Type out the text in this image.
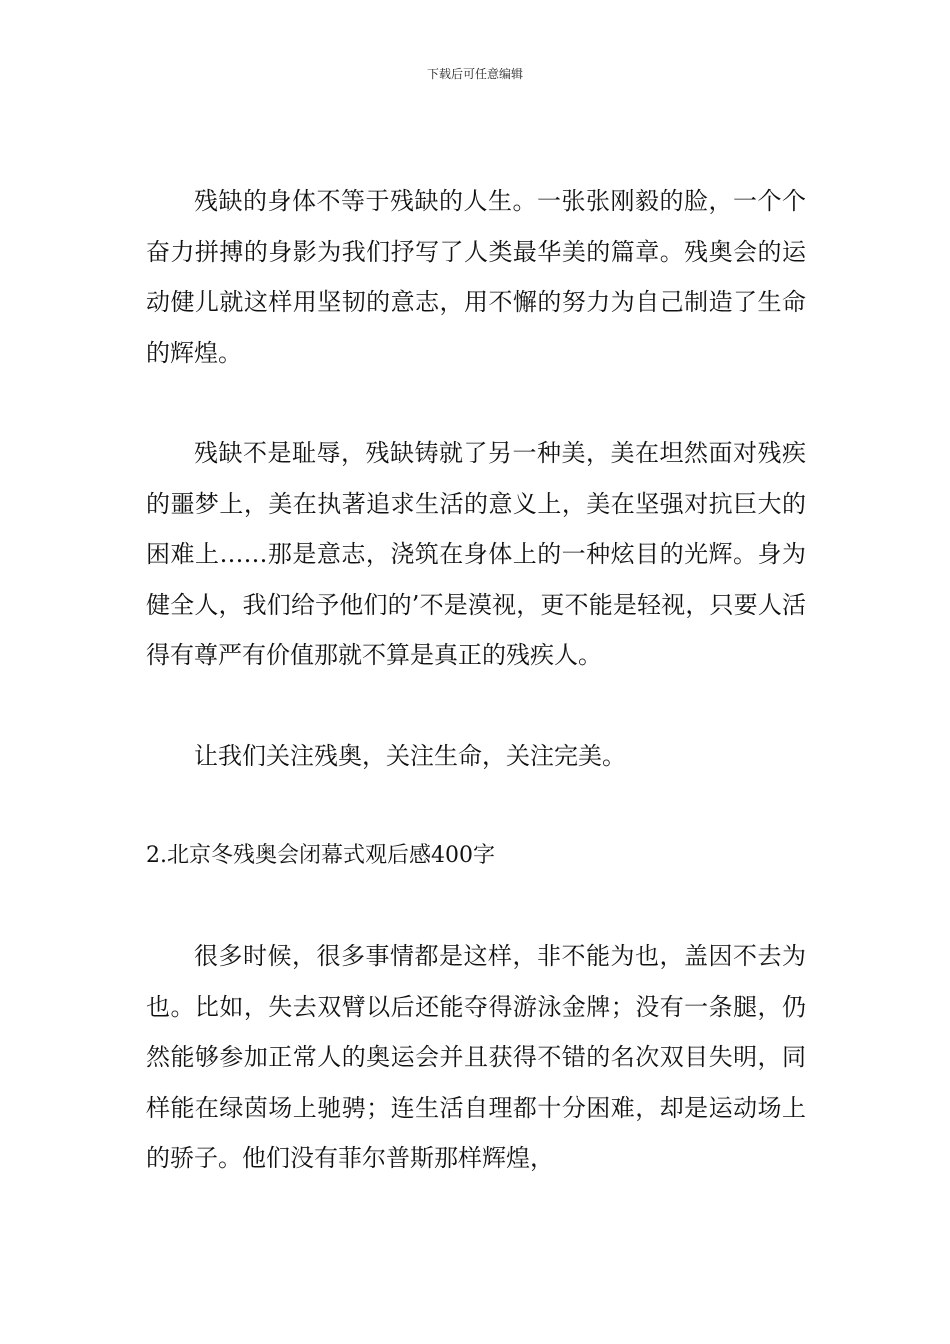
下载后可任意编辑

残缺的身体不等于残缺的人生。一张张刚毅的脸，一个个奋力拼搏的身影为我们抒写了人类最华美的篇章。残奥会的运动健儿就这样用坚韧的意志，用不懈的努力为自己制造了生命的辉煌。

残缺不是耻辱，残缺铸就了另一种美，美在坦然面对残疾的噩梦上，美在执著追求生活的意义上，美在坚强对抗巨大的困难上……那是意志，浇筑在身体上的一种炫目的光辉。身为健全人，我们给予他们的’不是漠视，更不能是轻视，只要人活得有尊严有价值那就不算是真正的残疾人。

让我们关注残奥，关注生命，关注完美。

2.北京冬残奥会闭幕式观后感400字

很多时候，很多事情都是这样，非不能为也，盖因不去为也。比如，失去双臂以后还能夺得游泳金牌；没有一条腿，仍然能够参加正常人的奥运会并且获得不错的名次双目失明，同样能在绿茵场上驰骋；连生活自理都十分困难，却是运动场上的骄子。他们没有菲尔普斯那样辉煌，
